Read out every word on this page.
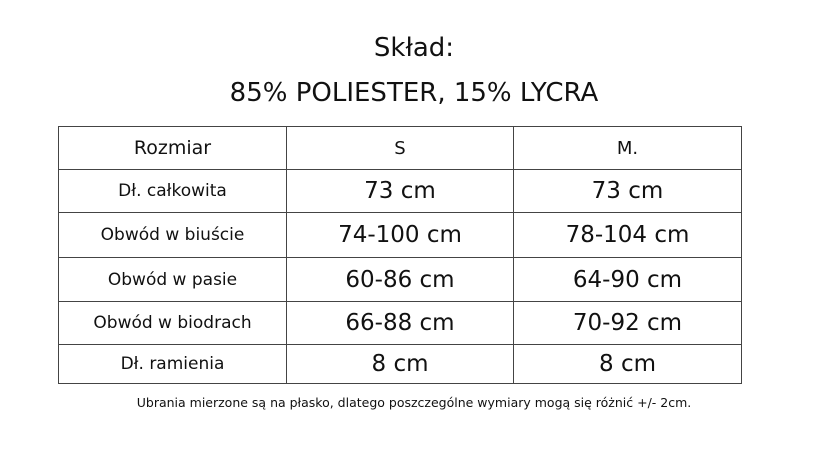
Skład:
85% POLIESTER, 15% LYCRA
Rozmiar	S	M.
Dł. całkowita	73 cm	73 cm
Obwód w biuście	74-100 cm	78-104 cm
Obwód w pasie	60-86 cm	64-90 cm
Obwód w biodrach	66-88 cm	70-92 cm
Dł. ramienia	8 cm	8 cm
Ubrania mierzone są na płasko, dlatego poszczególne wymiary mogą się różnić +/- 2cm.
